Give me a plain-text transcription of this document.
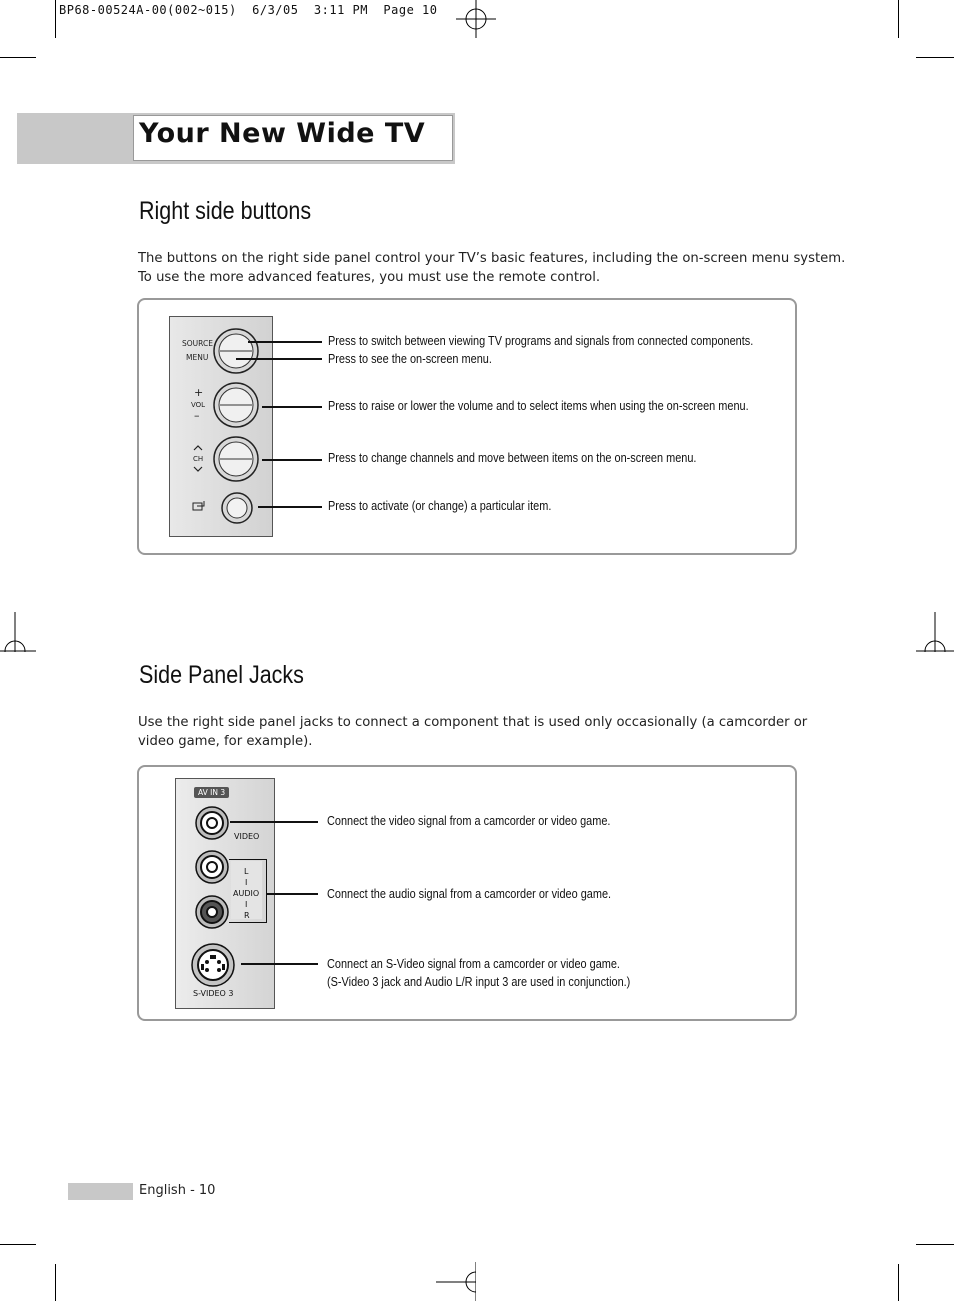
BP68-00524A-00(002~015)  6/3/05  3:11 PM  Page 10
Your New Wide TV
Right side buttons
The buttons on the right side panel control your TV’s basic features, including the on-screen menu system.
To use the more advanced features, you must use the remote control.
SOURCE
MENU
+
VOL
–
CH
Press to switch between viewing TV programs and signals from connected components.
Press to see the on-screen menu.
Press to raise or lower the volume and to select items when using the on-screen menu.
Press to change channels and move between items on the on-screen menu.
Press to activate (or change) a particular item.
Side Panel Jacks
Use the right side panel jacks to connect a component that is used only occasionally (a camcorder or
video game, for example).
AV IN 3
VIDEO
L
I
AUDIO
I
R
S-VIDEO 3
Connect the video signal from a camcorder or video game.
Connect the audio signal from a camcorder or video game.
Connect an S-Video signal from a camcorder or video game.
(S-Video 3 jack and Audio L/R input 3 are used in conjunction.)
English - 10
